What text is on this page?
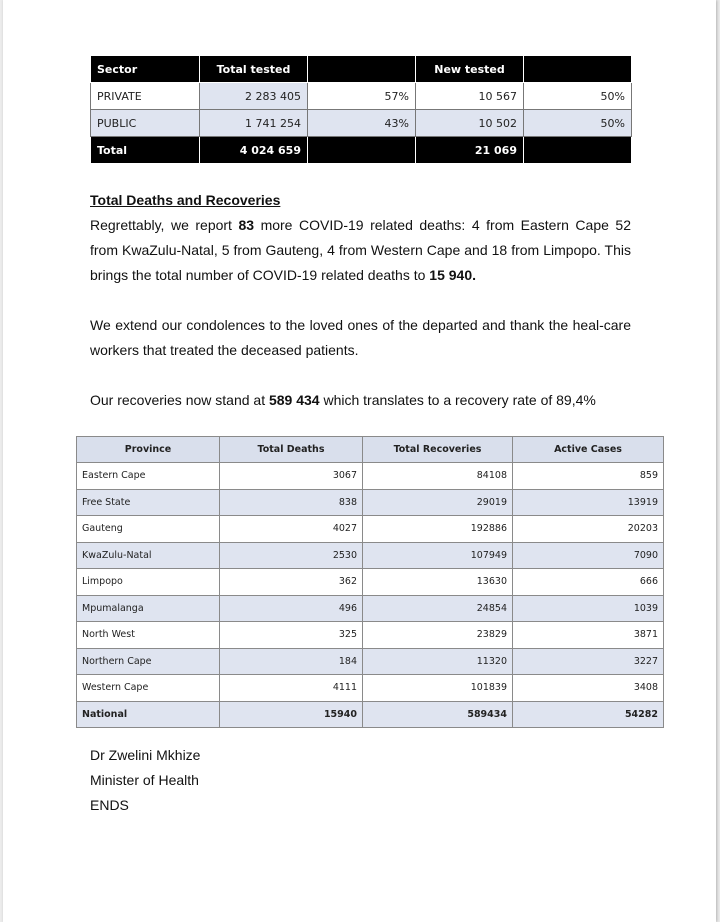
Sector	Total tested		New tested	
PRIVATE	2 283 405	57%	10 567	50%
PUBLIC	1 741 254	43%	10 502	50%
Total	4 024 659		21 069	
Total Deaths and Recoveries
Regrettably, we report 83 more COVID-19 related deaths: 4 from Eastern Cape 52 from KwaZulu-Natal, 5 from Gauteng, 4 from Western Cape and 18 from Limpopo. This brings the total number of COVID-19 related deaths to 15 940.
We extend our condolences to the loved ones of the departed and thank the heal-care workers that treated the deceased patients.
Our recoveries now stand at 589 434 which translates to a recovery rate of 89,4%
Province	Total Deaths	Total Recoveries	Active Cases
Eastern Cape	3067	84108	859
Free State	838	29019	13919
Gauteng	4027	192886	20203
KwaZulu-Natal	2530	107949	7090
Limpopo	362	13630	666
Mpumalanga	496	24854	1039
North West	325	23829	3871
Northern Cape	184	11320	3227
Western Cape	4111	101839	3408
National	15940	589434	54282
Dr Zwelini Mkhize
Minister of Health
ENDS
